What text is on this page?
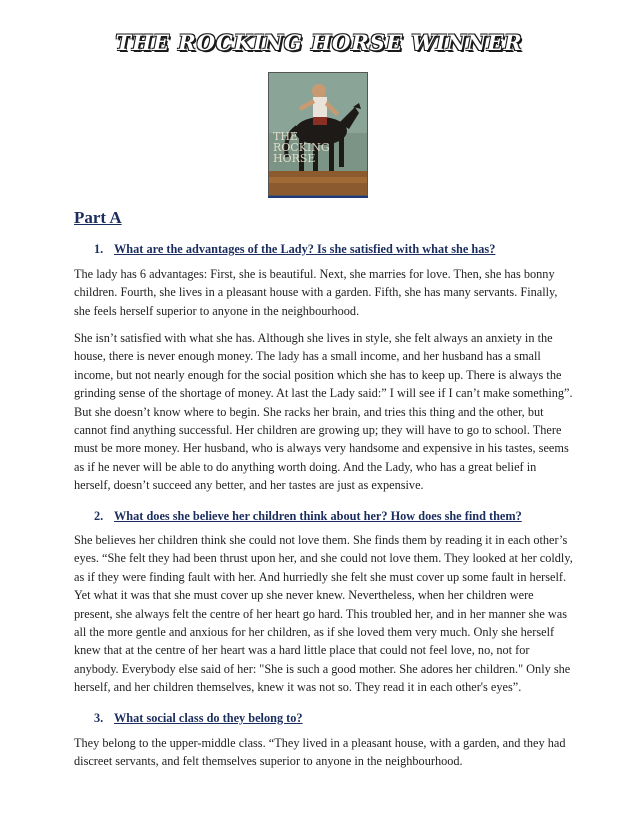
THE ROCKING HORSE WINNER
THE
ROCKING
HORSE
Part A
1. What are the advantages of the Lady? Is she satisfied with what she has?

The lady has 6 advantages: First, she is beautiful. Next, she marries for love. Then, she has bonny children. Fourth, she lives in a pleasant house with a garden. Fifth, she has many servants. Finally, she feels herself superior to anyone in the neighbourhood.

She isn’t satisfied with what she has. Although she lives in style, she felt always an anxiety in the house, there is never enough money. The lady has a small income, and her husband has a small income, but not nearly enough for the social position which she has to keep up. There is always the grinding sense of the shortage of money. At last the Lady said:” I will see if I can’t make something”. But she doesn’t know where to begin. She racks her brain, and tries this thing and the other, but cannot find anything successful. Her children are growing up; they will have to go to school. There must be more money. Her husband, who is always very handsome and expensive in his tastes, seems as if he never will be able to do anything worth doing. And the Lady, who has a great belief in herself, doesn’t succeed any better, and her tastes are just as expensive.

2. What does she believe her children think about her? How does she find them?

She believes her children think she could not love them. She finds them by reading it in each other’s eyes. “She felt they had been thrust upon her, and she could not love them. They looked at her coldly, as if they were finding fault with her. And hurriedly she felt she must cover up some fault in herself. Yet what it was that she must cover up she never knew. Nevertheless, when her children were present, she always felt the centre of her heart go hard. This troubled her, and in her manner she was all the more gentle and anxious for her children, as if she loved them very much. Only she herself knew that at the centre of her heart was a hard little place that could not feel love, no, not for anybody. Everybody else said of her: "She is such a good mother. She adores her children." Only she herself, and her children themselves, knew it was not so. They read it in each other's eyes”.

3. What social class do they belong to?

They belong to the upper-middle class. “They lived in a pleasant house, with a garden, and they had discreet servants, and felt themselves superior to anyone in the neighbourhood.
